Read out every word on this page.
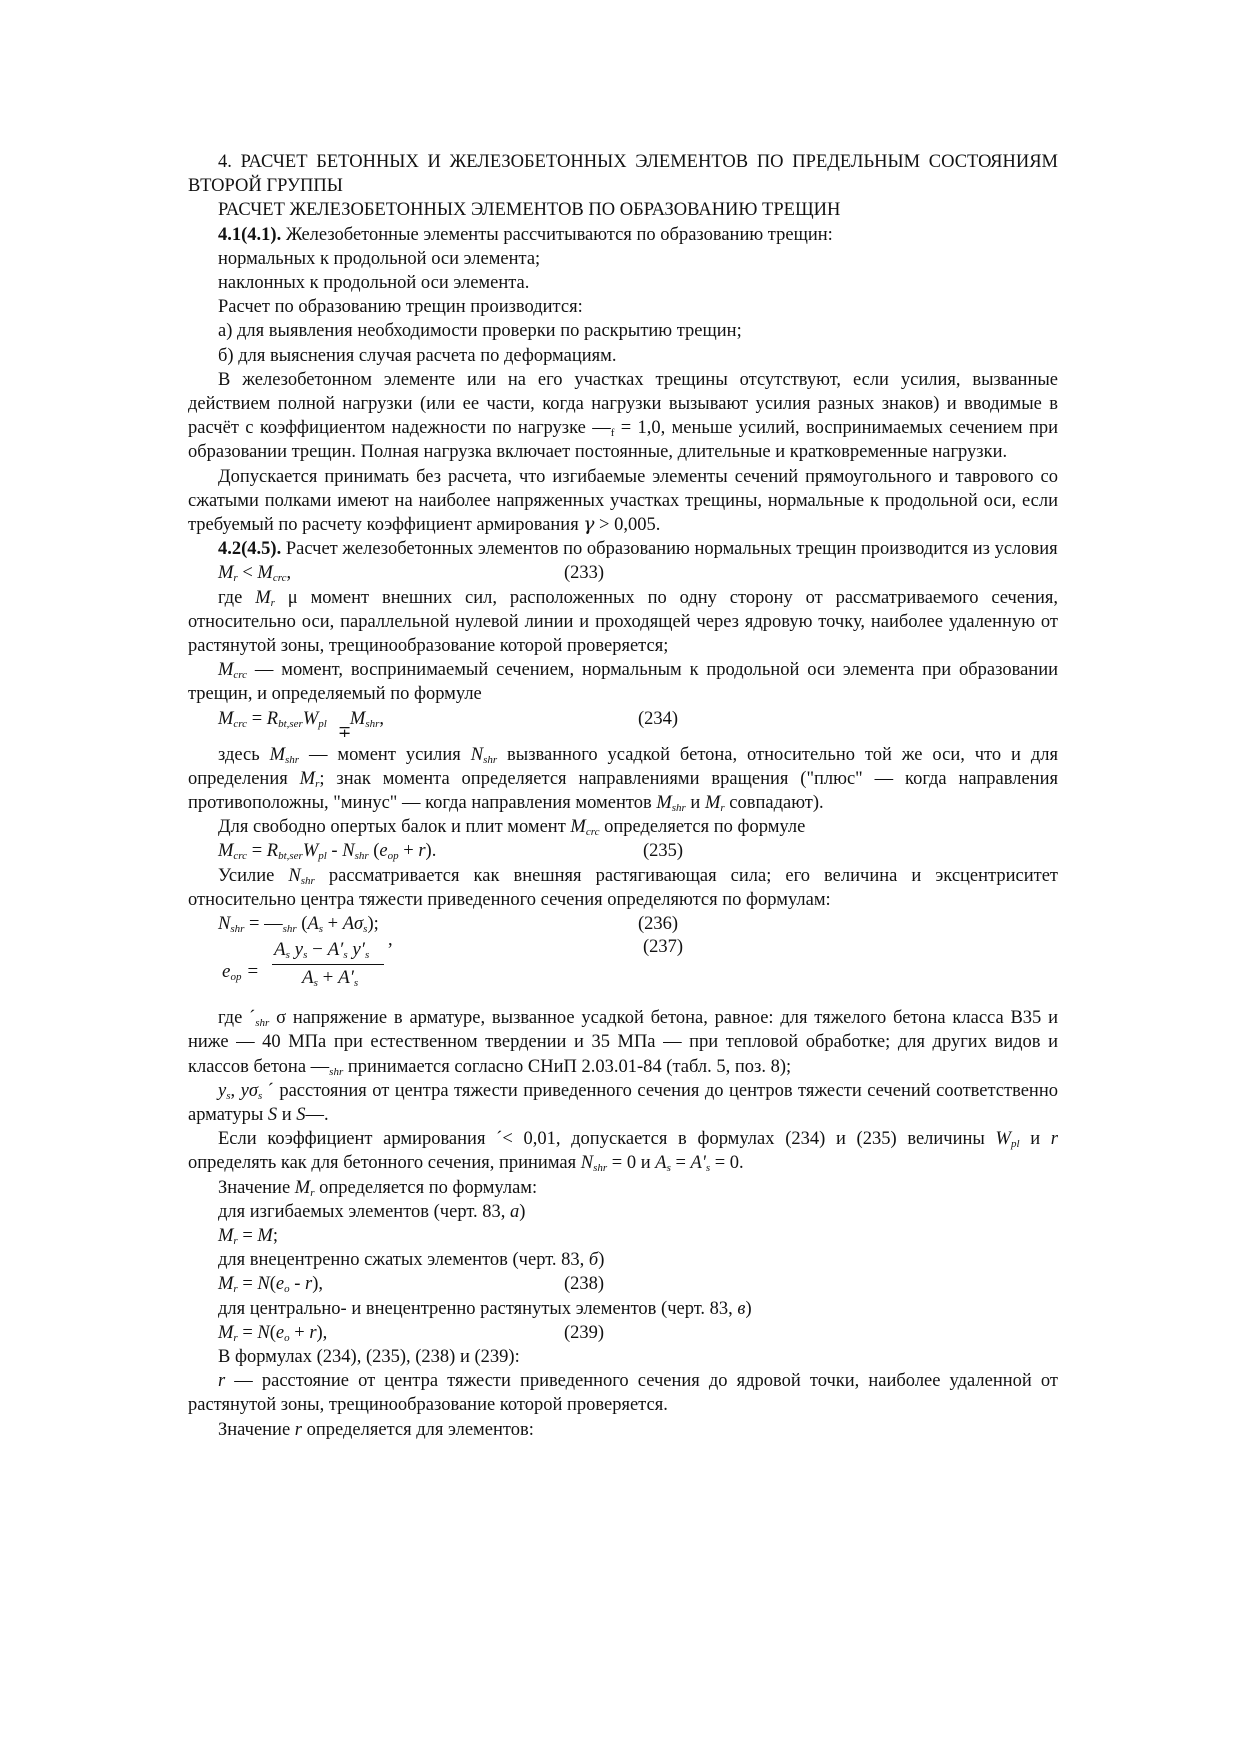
4. РАСЧЕТ БЕТОННЫХ И ЖЕЛЕЗОБЕТОННЫХ ЭЛЕМЕНТОВ ПО ПРЕДЕЛЬНЫМ СОСТОЯНИЯМ ВТОРОЙ ГРУППЫ

РАСЧЕТ ЖЕЛЕЗОБЕТОННЫХ ЭЛЕМЕНТОВ ПО ОБРАЗОВАНИЮ ТРЕЩИН

4.1(4.1). Железобетонные элементы рассчитываются по образованию трещин:

нормальных к продольной оси элемента;

наклонных к продольной оси элемента.

Расчет по образованию трещин производится:

а) для выявления необходимости проверки по раскрытию трещин;

б) для выяснения случая расчета по деформациям.

В железобетонном элементе или на его участках трещины отсутствуют, если усилия, вызванные действием полной нагрузки (или ее части, когда нагрузки вызывают усилия разных знаков) и вводимые в расчёт с коэффициентом надежности по нагрузке $—_f = 1,0$, меньше усилий, воспринимаемых сечением при образовании трещин. Полная нагрузка включает постоянные, длительные и кратковременные нагрузки.

Допускается принимать без расчета, что изгибаемые элементы сечений прямоугольного и таврового со сжатыми полками имеют на наиболее напряженных участках трещины, нормальные к продольной оси, если требуемый по расчету коэффициент армирования γ > 0,005.

4.2(4.5). Расчет железобетонных элементов по образованию нормальных трещин производится из условия

$M_r < M_{crc}$,	(233)

где $M_r$ μ момент внешних сил, расположенных по одну сторону от рассматриваемого сечения, относительно оси, параллельной нулевой линии и проходящей через ядровую точку, наиболее удаленную от растянутой зоны, трещинообразование которой проверяется;

$M_{crc}$ — момент, воспринимаемый сечением, нормальным к продольной оси элемента при образовании трещин, и определяемый по формуле

$M_{crc} = R_{bt,ser}W_{pl}$ ∓
$M_{shr}$,	(234)

здесь $M_{shr}$ — момент усилия $N_{shr}$ вызванного усадкой бетона, относительно той же оси, что и для определения $M_r$; знак момента определяется направлениями вращения ("плюс" — когда направления противоположны, "минус" — когда направления моментов $M_{shr}$ и $M_r$ совпадают).

Для свободно опертых балок и плит момент $M_{crc}$ определяется по формуле

$M_{crc} = R_{bt,ser}W_{pl} - N_{shr}$ $(e_{op} + r)$.	(235)

Усилие $N_{shr}$ рассматривается как внешняя растягивающая сила; его величина и эксцентриситет относительно центра тяжести приведенного сечения определяются по формулам:

$N_{shr}$ = $—_{shr}$ $(A_s + A\sigma_s)$;	(236)
$e_{op}$ =
$A_s$ $y_s - A'_s$ $y'_s$
$A_s + A'_s$
,	(237)

где $´_{shr}$ σ напряжение в арматуре, вызванное усадкой бетона, равное: для тяжелого бетона класса В35 и ниже — 40 МПа при естественном твердении и 35 МПа — при тепловой обработке; для других видов и классов бетона $—_{shr}$ принимается согласно СНиП 2.03.01-84 (табл. 5, поз. 8);

$y_s$, $y\sigma_s$ ´ расстояния от центра тяжести приведенного сечения до центров тяжести сечений соответственно арматуры S и S—.

Если коэффициент армирования ´< 0,01, допускается в формулах (234) и (235) величины $W_{pl}$ и r определять как для бетонного сечения, принимая $N_{shr} = 0$ и $A_s = A'_s = 0$.

Значение $M_r$ определяется по формулам:

для изгибаемых элементов (черт. 83, а)

$M_r = M$;

для внецентренно сжатых элементов (черт. 83, б)

$M_r = N(e_o - r)$,	(238)

для центрально- и внецентренно растянутых элементов (черт. 83, в)

$M_r = N(e_o + r)$,	(239)

В формулах (234), (235), (238) и (239):

r — расстояние от центра тяжести приведенного сечения до ядровой точки, наиболее удаленной от растянутой зоны, трещинообразование которой проверяется.

Значение r определяется для элементов:
